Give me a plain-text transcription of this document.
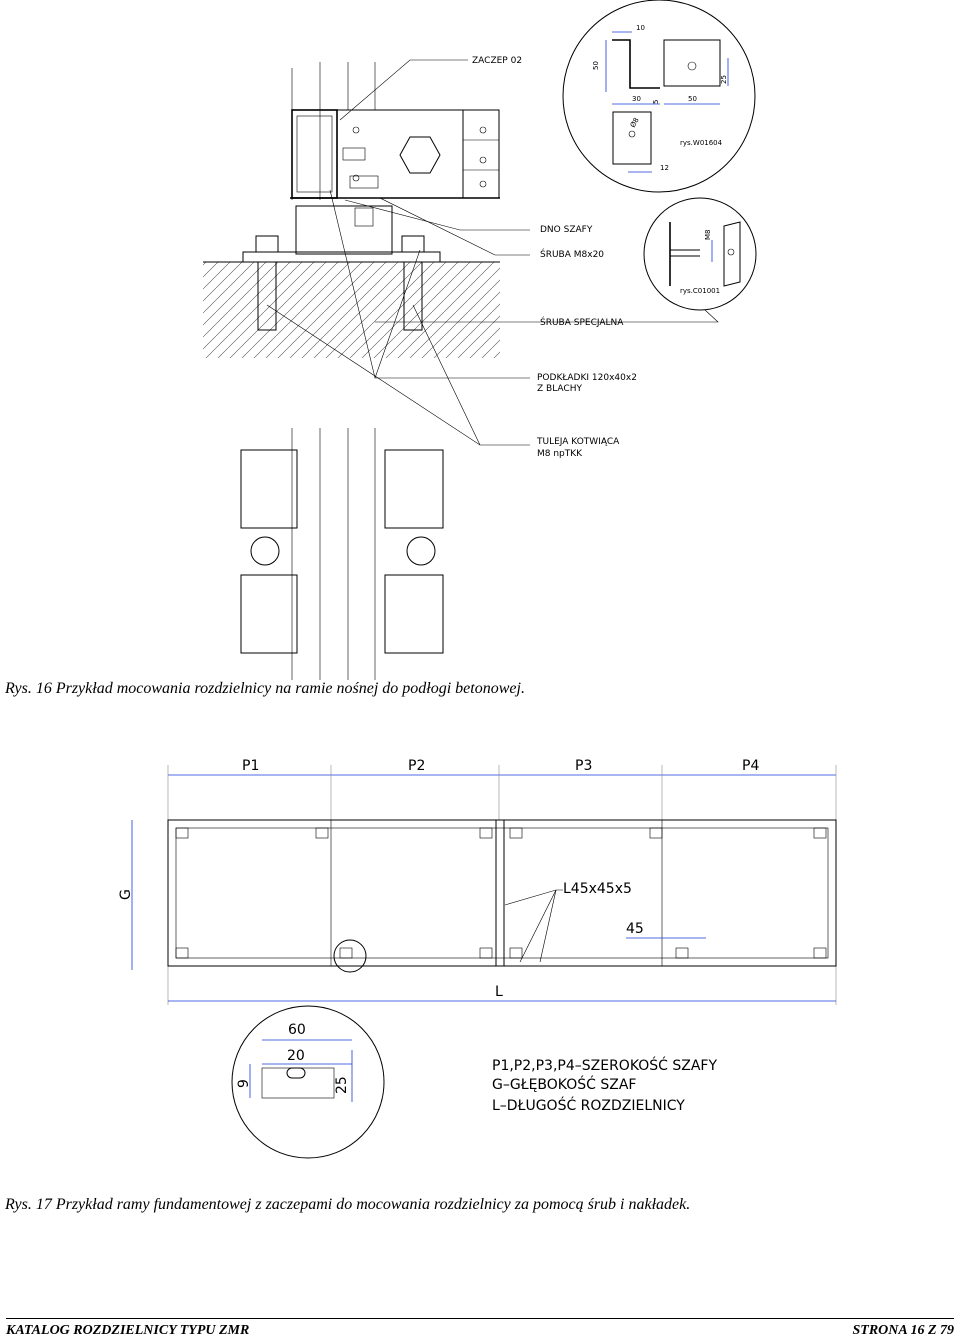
ZACZEP 02
DNO SZAFY
ŚRUBA M8x20
ŚRUBA SPECJALNA
PODKŁADKI 120x40x2
Z BLACHY
TULEJA KOTWIĄCA
M8 npTKK
10
50
30	50
25
5
Ø8
rys.W01604
12
M8
rys.C01001
P1	P2	P3	P4
G
L
L45x45x5
45
60
20
9	25
P1,P2,P3,P4–SZEROKOŚĆ SZAFY
G–GŁĘBOKOŚĆ SZAF
L–DŁUGOŚĆ ROZDZIELNICY
Rys. 16 Przykład mocowania rozdzielnicy na ramie nośnej do podłogi betonowej.
Rys. 17 Przykład ramy fundamentowej z zaczepami do mocowania rozdzielnicy za pomocą śrub i nakładek.
KATALOG ROZDZIELNICY TYPU ZMR	STRONA 16 Z 79
